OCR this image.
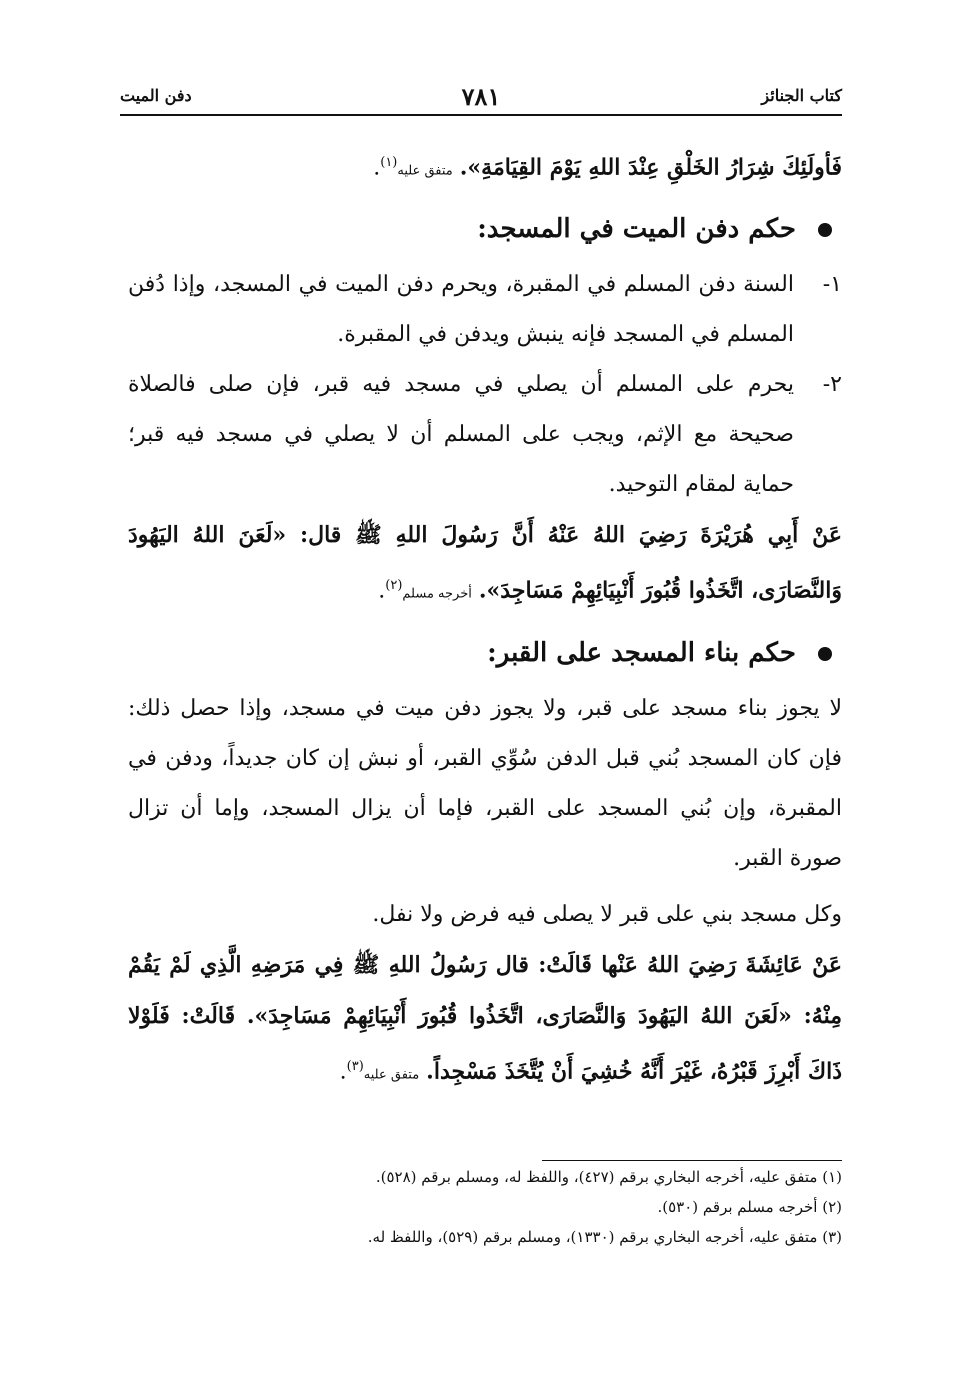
كتاب الجنائز
٧٨١
دفن الميت

فَأولَئِكَ شِرَارُ الخَلْقِ عِنْدَ اللهِ يَوْمَ القِيَامَةِ». متفق عليه$^{(١)}$.

حكم دفن الميت في المسجد:

١-
السنة دفن المسلم في المقبرة، ويحرم دفن الميت في المسجد، وإذا دُفن المسلم في المسجد فإنه ينبش ويدفن في المقبرة.

٢-
يحرم على المسلم أن يصلي في مسجد فيه قبر، فإن صلى فالصلاة صحيحة مع الإثم، ويجب على المسلم أن لا يصلي في مسجد فيه قبر؛ حماية لمقام التوحيد.

عَنْ أَبِي هُرَيْرَةَ رَضِيَ اللهُ عَنْهُ أَنَّ رَسُولَ اللهِ ﷺ قال: «لَعَنَ اللهُ اليَهُودَ وَالنَّصَارَى، اتَّخَذُوا قُبُورَ أَنْبِيَائِهِمْ مَسَاجِدَ». أخرجه مسلم$^{(٢)}$.

حكم بناء المسجد على القبر:

لا يجوز بناء مسجد على قبر، ولا يجوز دفن ميت في مسجد، وإذا حصل ذلك: فإن كان المسجد بُني قبل الدفن سُوِّي القبر، أو نبش إن كان جديداً، ودفن في المقبرة، وإن بُني المسجد على القبر، فإما أن يزال المسجد، وإما أن تزال صورة القبر.

وكل مسجد بني على قبر لا يصلى فيه فرض ولا نفل.

عَنْ عَائِشَةَ رَضِيَ اللهُ عَنْها قَالَتْ: قال رَسُولُ اللهِ ﷺ فِي مَرَضِهِ الَّذِي لَمْ يَقُمْ مِنْهُ: «لَعَنَ اللهُ اليَهُودَ وَالنَّصَارَى، اتَّخَذُوا قُبُورَ أَنْبِيَائِهِمْ مَسَاجِدَ». قَالَتْ: فَلَوْلا ذَاكَ أَبْرِزَ قَبْرُهُ، غَيْرَ أَنَّهُ خُشِيَ أَنْ يُتَّخَذَ مَسْجِداً. متفق عليه$^{(٣)}$.

(١) متفق عليه، أخرجه البخاري برقم (٤٢٧)، واللفظ له، ومسلم برقم (٥٢٨).

(٢) أخرجه مسلم برقم (٥٣٠).

(٣) متفق عليه، أخرجه البخاري برقم (١٣٣٠)، ومسلم برقم (٥٢٩)، واللفظ له.
